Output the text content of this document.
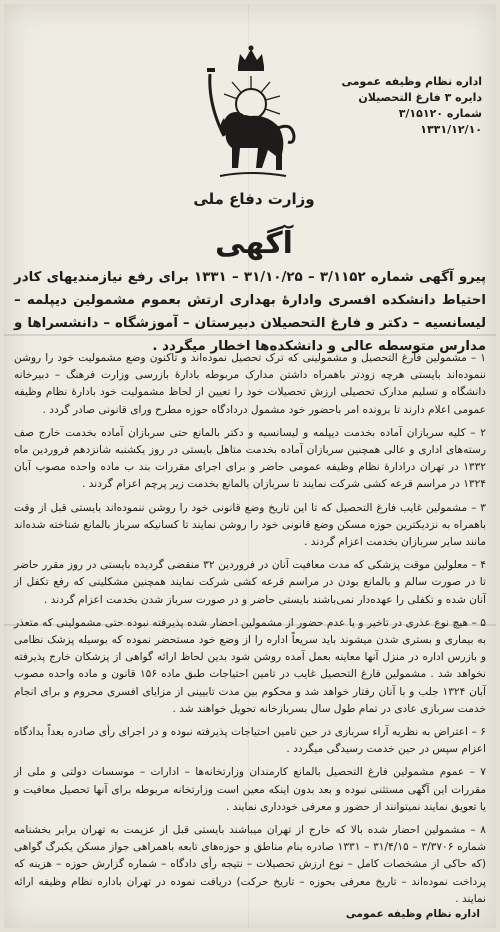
اداره نظام وظیفه عمومی
دایره ۳ فارغ التحصیلان
شماره ۳/۱۵۱۲۰
۱۳۳۱/۱۲/۱۰
وزارت دفاع ملی
آگهی
پیرو آگهی شماره ۳/۱۱۵۲ – ۳۱/۱۰/۲۵ – ۱۳۳۱ برای رفع نیازمندیهای کادر احتیاط دانشکده افسری وادارهٔ بهداری ارتش بعموم مشمولین دیپلمه – لیسانسیه – دکتر و فارغ التحصیلان دبیرستان – آموزشگاه – دانشسراها و مدارس متوسطه عالی و دانشکده‌ها اخطار میگردد .

۱ – مشمولین فارغ التحصیل و مشمولینی که ترک تحصیل نموده‌اند و تاکنون وضع مشمولیت خود را روشن ننموده‌اند بایستی هرچه زودتر باهمراه داشتن مدارک مربوطه بادارهٔ بازرسی وزارت فرهنگ – دبیرخانه دانشگاه و تسلیم مدارک تحصیلی ارزش تحصیلات خود را تعیین از لحاظ مشمولیت خود بادارهٔ نظام وظیفه عمومی اعلام دارند تا برونده امر باحضور خود مشمول دردادگاه حوزه مطرح ورای قانونی صادر گردد .

۲ – کلیه سربازان آماده بخدمت دیپلمه و لیسانسیه و دکتر بالمانع حتی سربازان آماده بخدمت خارج صف رسته‌های اداری و عالی همچنین سربازان آماده بخدمت متاهل بایستی در روز یکشنبه شانزدهم فروردین ماه ۱۳۳۲ در تهران درادارهٔ نظام وظیفه عمومی حاضر و برای اجرای مقررات بند ب ماده واحده مصوب آبان ۱۳۲۴ در مراسم قرعه کشی شرکت نمایند تا سربازان بالمانع بخدمت زیر پرچم اعزام گردند .

۳ – مشمولین غایب فارغ التحصیل که تا این تاریخ وضع قانونی خود را روشن ننموده‌اند بایستی قبل از وقت باهمراه به نزدیکترین حوزه مسکن وضع قانونی خود را روشن نمایند تا کسانیکه سرباز بالمانع شناخته شده‌اند مانند سایر سربازان بخدمت اعزام گردند .

۴ – معلولین موقت پزشکی که مدت معافیت آنان در فروردین ۳۲ منقضی گردیده بایستی در روز مقرر حاضر تا در صورت سالم و بالمانع بودن در مراسم قرعه کشی شرکت نمایند همچنین مشکلینی که رفع تکفل از آنان شده و تکفلی را عهده‌دار نمی‌باشند بایستی حاضر و در صورت سرباز شدن بخدمت اعزام گردند .

۵ – هیچ نوع عذری در تاخیر و یا عدم حضور از مشمولین احضار شده پذیرفته نبوده حتی مشمولینی که متعذر به بیماری و بستری شدن میشوند باید سریعاً اداره را از وضع خود مستحضر نموده که بوسیله پزشک نظامی و بازرس اداره در منزل آنها معاینه بعمل آمده روشن شود بدین لحاظ ارائه گواهی از پزشکان خارج پذیرفته نخواهد شد . مشمولین فارغ التحصیل غایب در تامین احتیاجات طبق ماده ۱۵۶ قانون و ماده واحده مصوب آبان ۱۳۲۴ جلب و با آنان رفتار خواهد شد و محکوم بین مدت تابیینی از مزایای افسری محروم و برای انجام خدمت سربازی عادی در تمام طول سال بسربازخانه تحویل خواهند شد .

۶ – اعتراض به نظریه آراء سربازی در حین تامین احتیاجات پذیرفته نبوده و در اجرای رأی صادره بعداً بدادگاه اعزام سپس در حین خدمت رسیدگی میگردد .

۷ – عموم مشمولین فارغ التحصیل بالمانع کارمندان وزارتخانه‌ها – ادارات – موسسات دولتی و ملی از مقررات این آگهی مستثنی نبوده و بعد بدون اینکه معین است وزارتخانه مربوطه برای آنها تحصیل معافیت و یا تعویق نمایند نمیتوانند از حضور و معرفی خودداری نمایند .

۸ – مشمولین احضار شده بالا که خارج از تهران میباشند بایستی قبل از عزیمت به تهران برابر بخشنامه شماره ۳/۳۷۰۶ – ۳۱/۴/۱۵ – ۱۳۳۱ صادره بنام مناطق و حوزه‌های تابعه باهمراهی جواز مسکن یکبرگ گواهی (که حاکی از مشخصات کامل – نوع ارزش تحصیلات – نتیجه رأی دادگاه – شماره گزارش حوزه – هزینه که پرداخت نموده‌اند – تاریخ معرفی بحوزه – تاریخ حرکت) دریافت نموده در تهران باداره نظام وظیفه ارائه نمایند .

اداره نظام وظیفه عمومی
